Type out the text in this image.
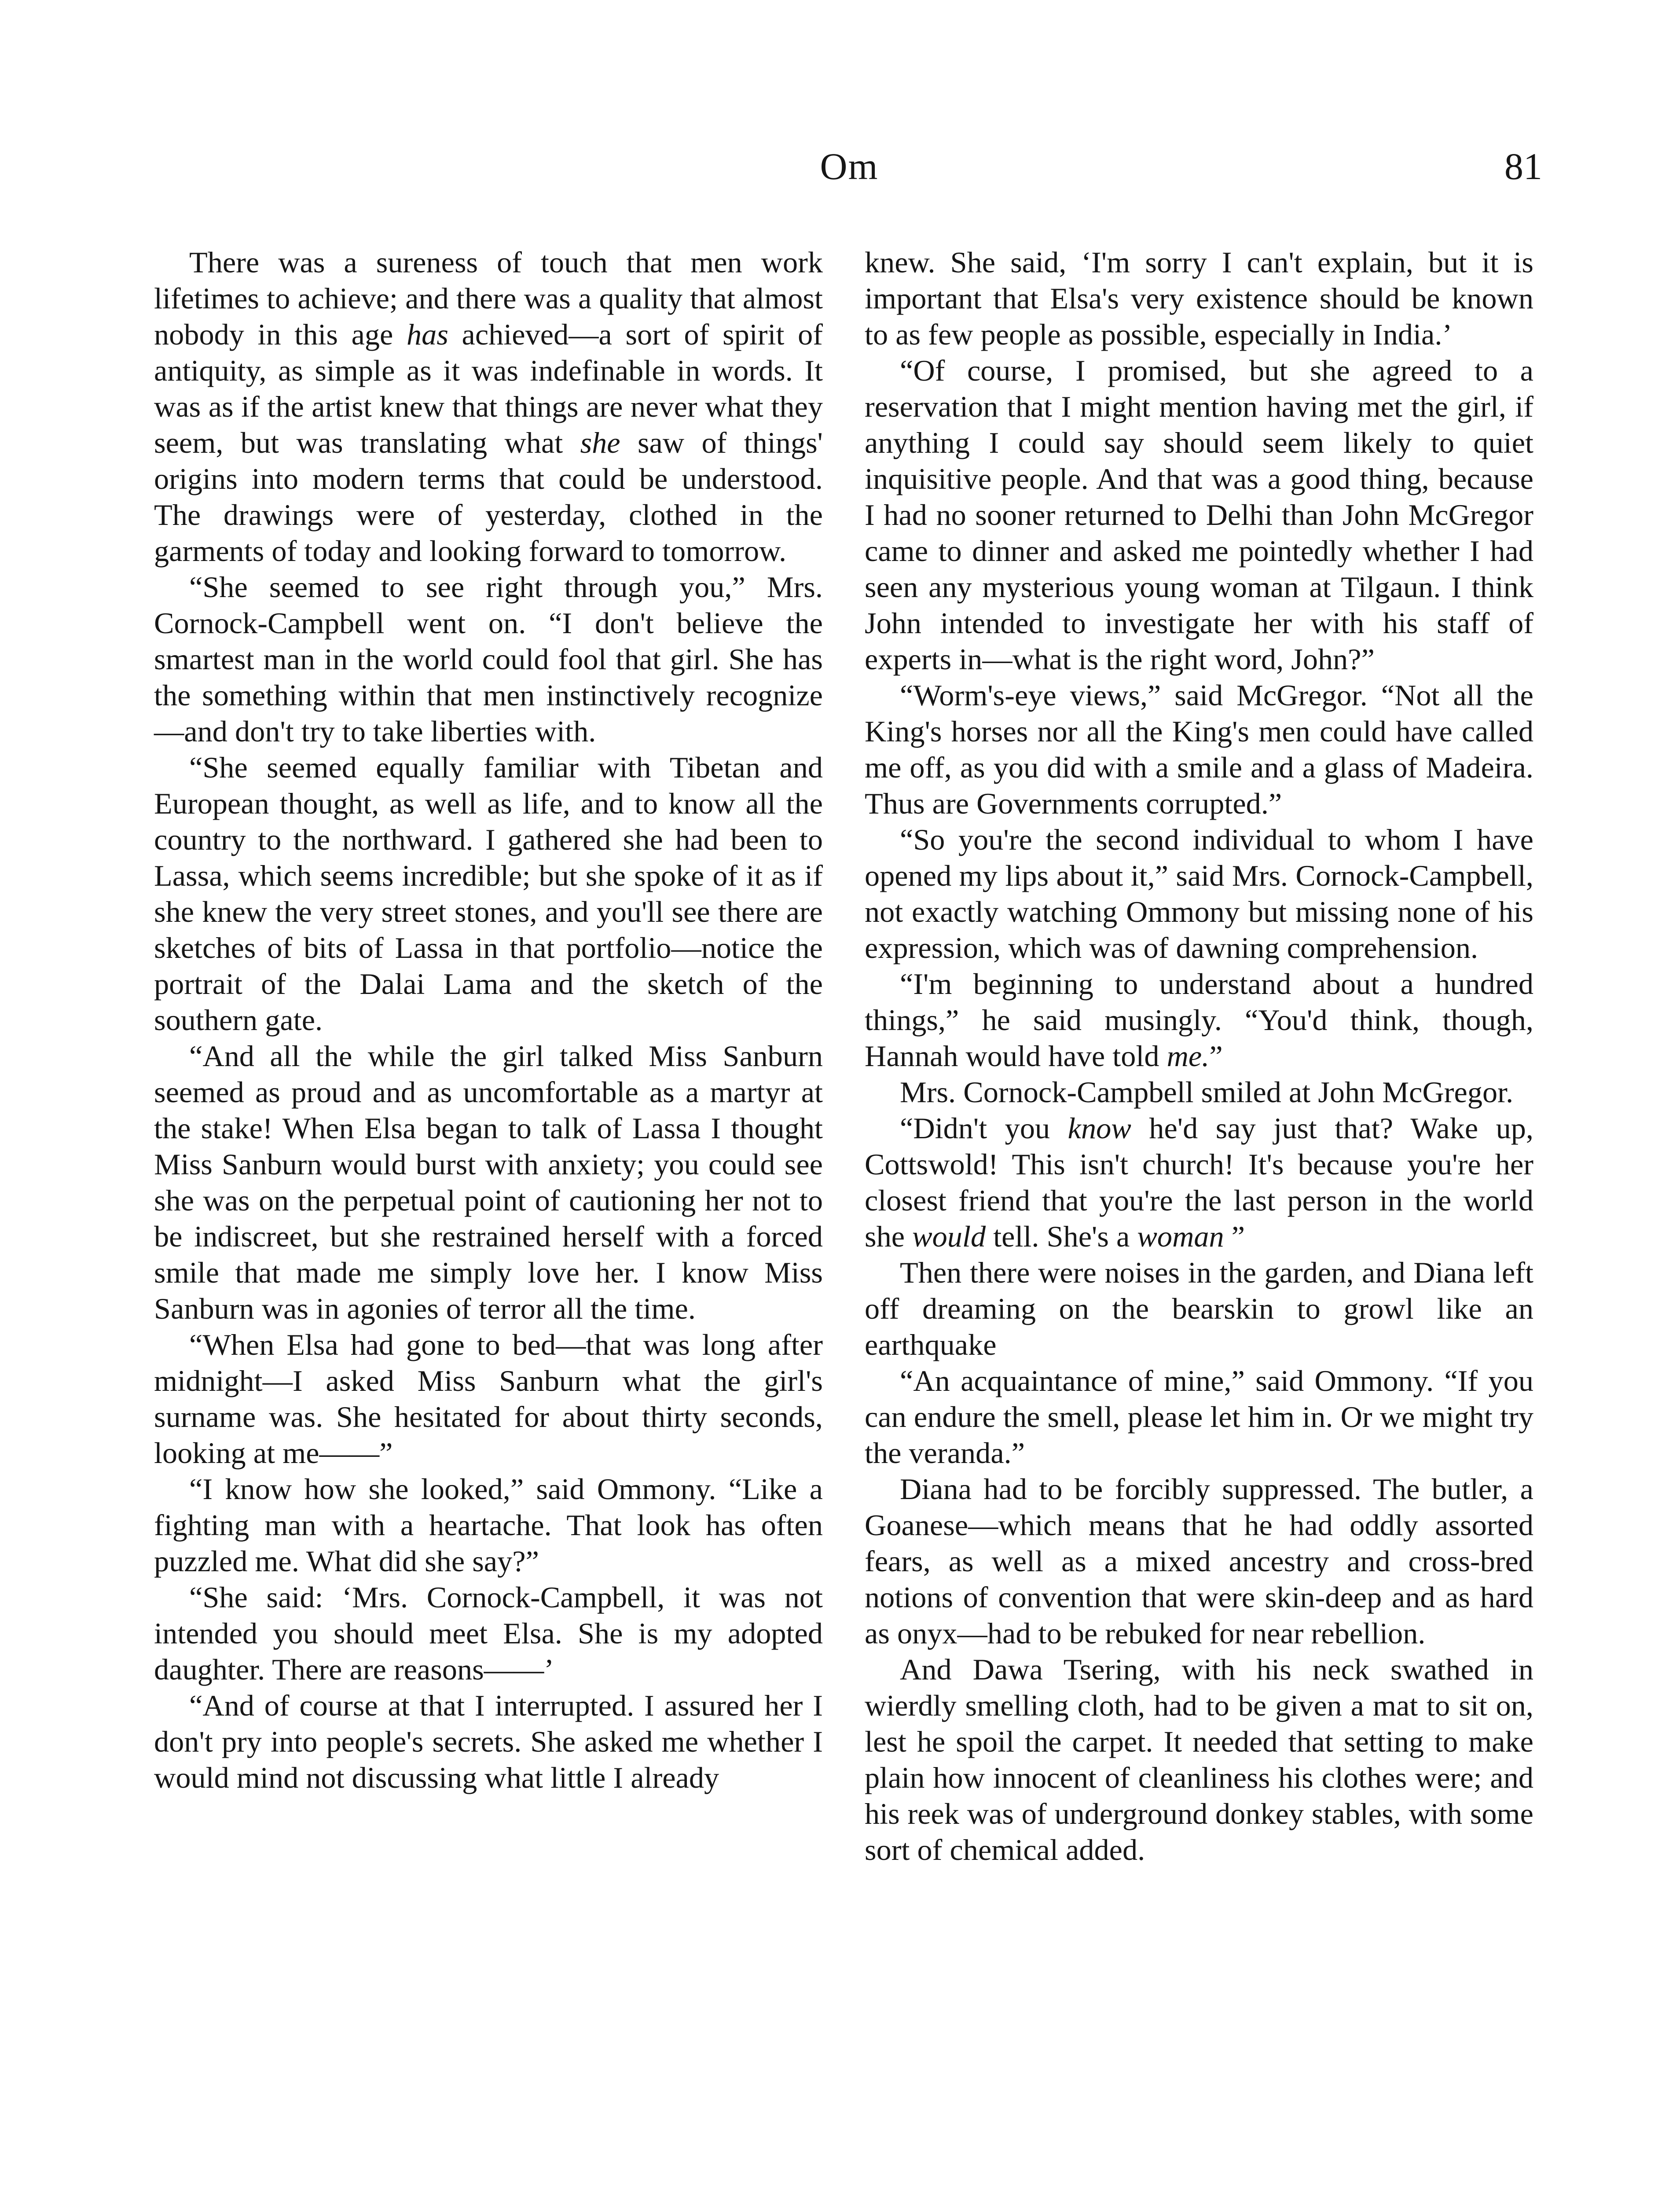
Om	81

There was a sureness of touch that men work lifetimes to achieve; and there was a quality that almost nobody in this age has achieved—a sort of spirit of antiquity, as simple as it was indefinable in words. It was as if the artist knew that things are never what they seem, but was translating what she saw of things' origins into modern terms that could be understood. The drawings were of yesterday, clothed in the garments of today and looking forward to tomorrow.

“She seemed to see right through you,” Mrs. Cornock-Campbell went on. “I don't believe the smartest man in the world could fool that girl. She has the something within that men instinctively recognize—and don't try to take liberties with.

“She seemed equally familiar with Tibetan and European thought, as well as life, and to know all the country to the northward. I gathered she had been to Lassa, which seems incredible; but she spoke of it as if she knew the very street stones, and you'll see there are sketches of bits of Lassa in that portfolio—notice the portrait of the Dalai Lama and the sketch of the southern gate.

“And all the while the girl talked Miss Sanburn seemed as proud and as uncomfortable as a martyr at the stake! When Elsa began to talk of Lassa I thought Miss Sanburn would burst with anxiety; you could see she was on the perpetual point of cautioning her not to be indiscreet, but she restrained herself with a forced smile that made me simply love her. I know Miss Sanburn was in agonies of terror all the time.

“When Elsa had gone to bed—that was long after midnight—I asked Miss Sanburn what the girl's surname was. She hesitated for about thirty seconds, looking at me——”

“I know how she looked,” said Ommony. “Like a fighting man with a heartache. That look has often puzzled me. What did she say?”

“She said: ‘Mrs. Cornock-Campbell, it was not intended you should meet Elsa. She is my adopted daughter. There are reasons——’

“And of course at that I interrupted. I assured her I don't pry into people's secrets. She asked me whether I would mind not discussing what little I already

knew. She said, ‘I'm sorry I can't explain, but it is important that Elsa's very existence should be known to as few people as possible, especially in India.’

“Of course, I promised, but she agreed to a reservation that I might mention having met the girl, if anything I could say should seem likely to quiet inquisitive people. And that was a good thing, because I had no sooner returned to Delhi than John McGregor came to dinner and asked me pointedly whether I had seen any mysterious young woman at Tilgaun. I think John intended to investigate her with his staff of experts in—what is the right word, John?”

“Worm's-eye views,” said McGregor. “Not all the King's horses nor all the King's men could have called me off, as you did with a smile and a glass of Madeira. Thus are Governments corrupted.”

“So you're the second individual to whom I have opened my lips about it,” said Mrs. Cornock-Campbell, not exactly watching Ommony but missing none of his expression, which was of dawning comprehension.

“I'm beginning to understand about a hundred things,” he said musingly. “You'd think, though, Hannah would have told me.”

Mrs. Cornock-Campbell smiled at John McGregor.

“Didn't you know he'd say just that? Wake up, Cottswold! This isn't church! It's because you're her closest friend that you're the last person in the world she would tell. She's a woman ”

Then there were noises in the garden, and Diana left off dreaming on the bearskin to growl like an earthquake

“An acquaintance of mine,” said Ommony. “If you can endure the smell, please let him in. Or we might try the veranda.”

Diana had to be forcibly suppressed. The butler, a Goanese—which means that he had oddly assorted fears, as well as a mixed ancestry and cross-bred notions of convention that were skin-deep and as hard as onyx—had to be rebuked for near rebellion.

And Dawa Tsering, with his neck swathed in wierdly smelling cloth, had to be given a mat to sit on, lest he spoil the carpet. It needed that setting to make plain how innocent of cleanliness his clothes were; and his reek was of underground donkey stables, with some sort of chemical added.
